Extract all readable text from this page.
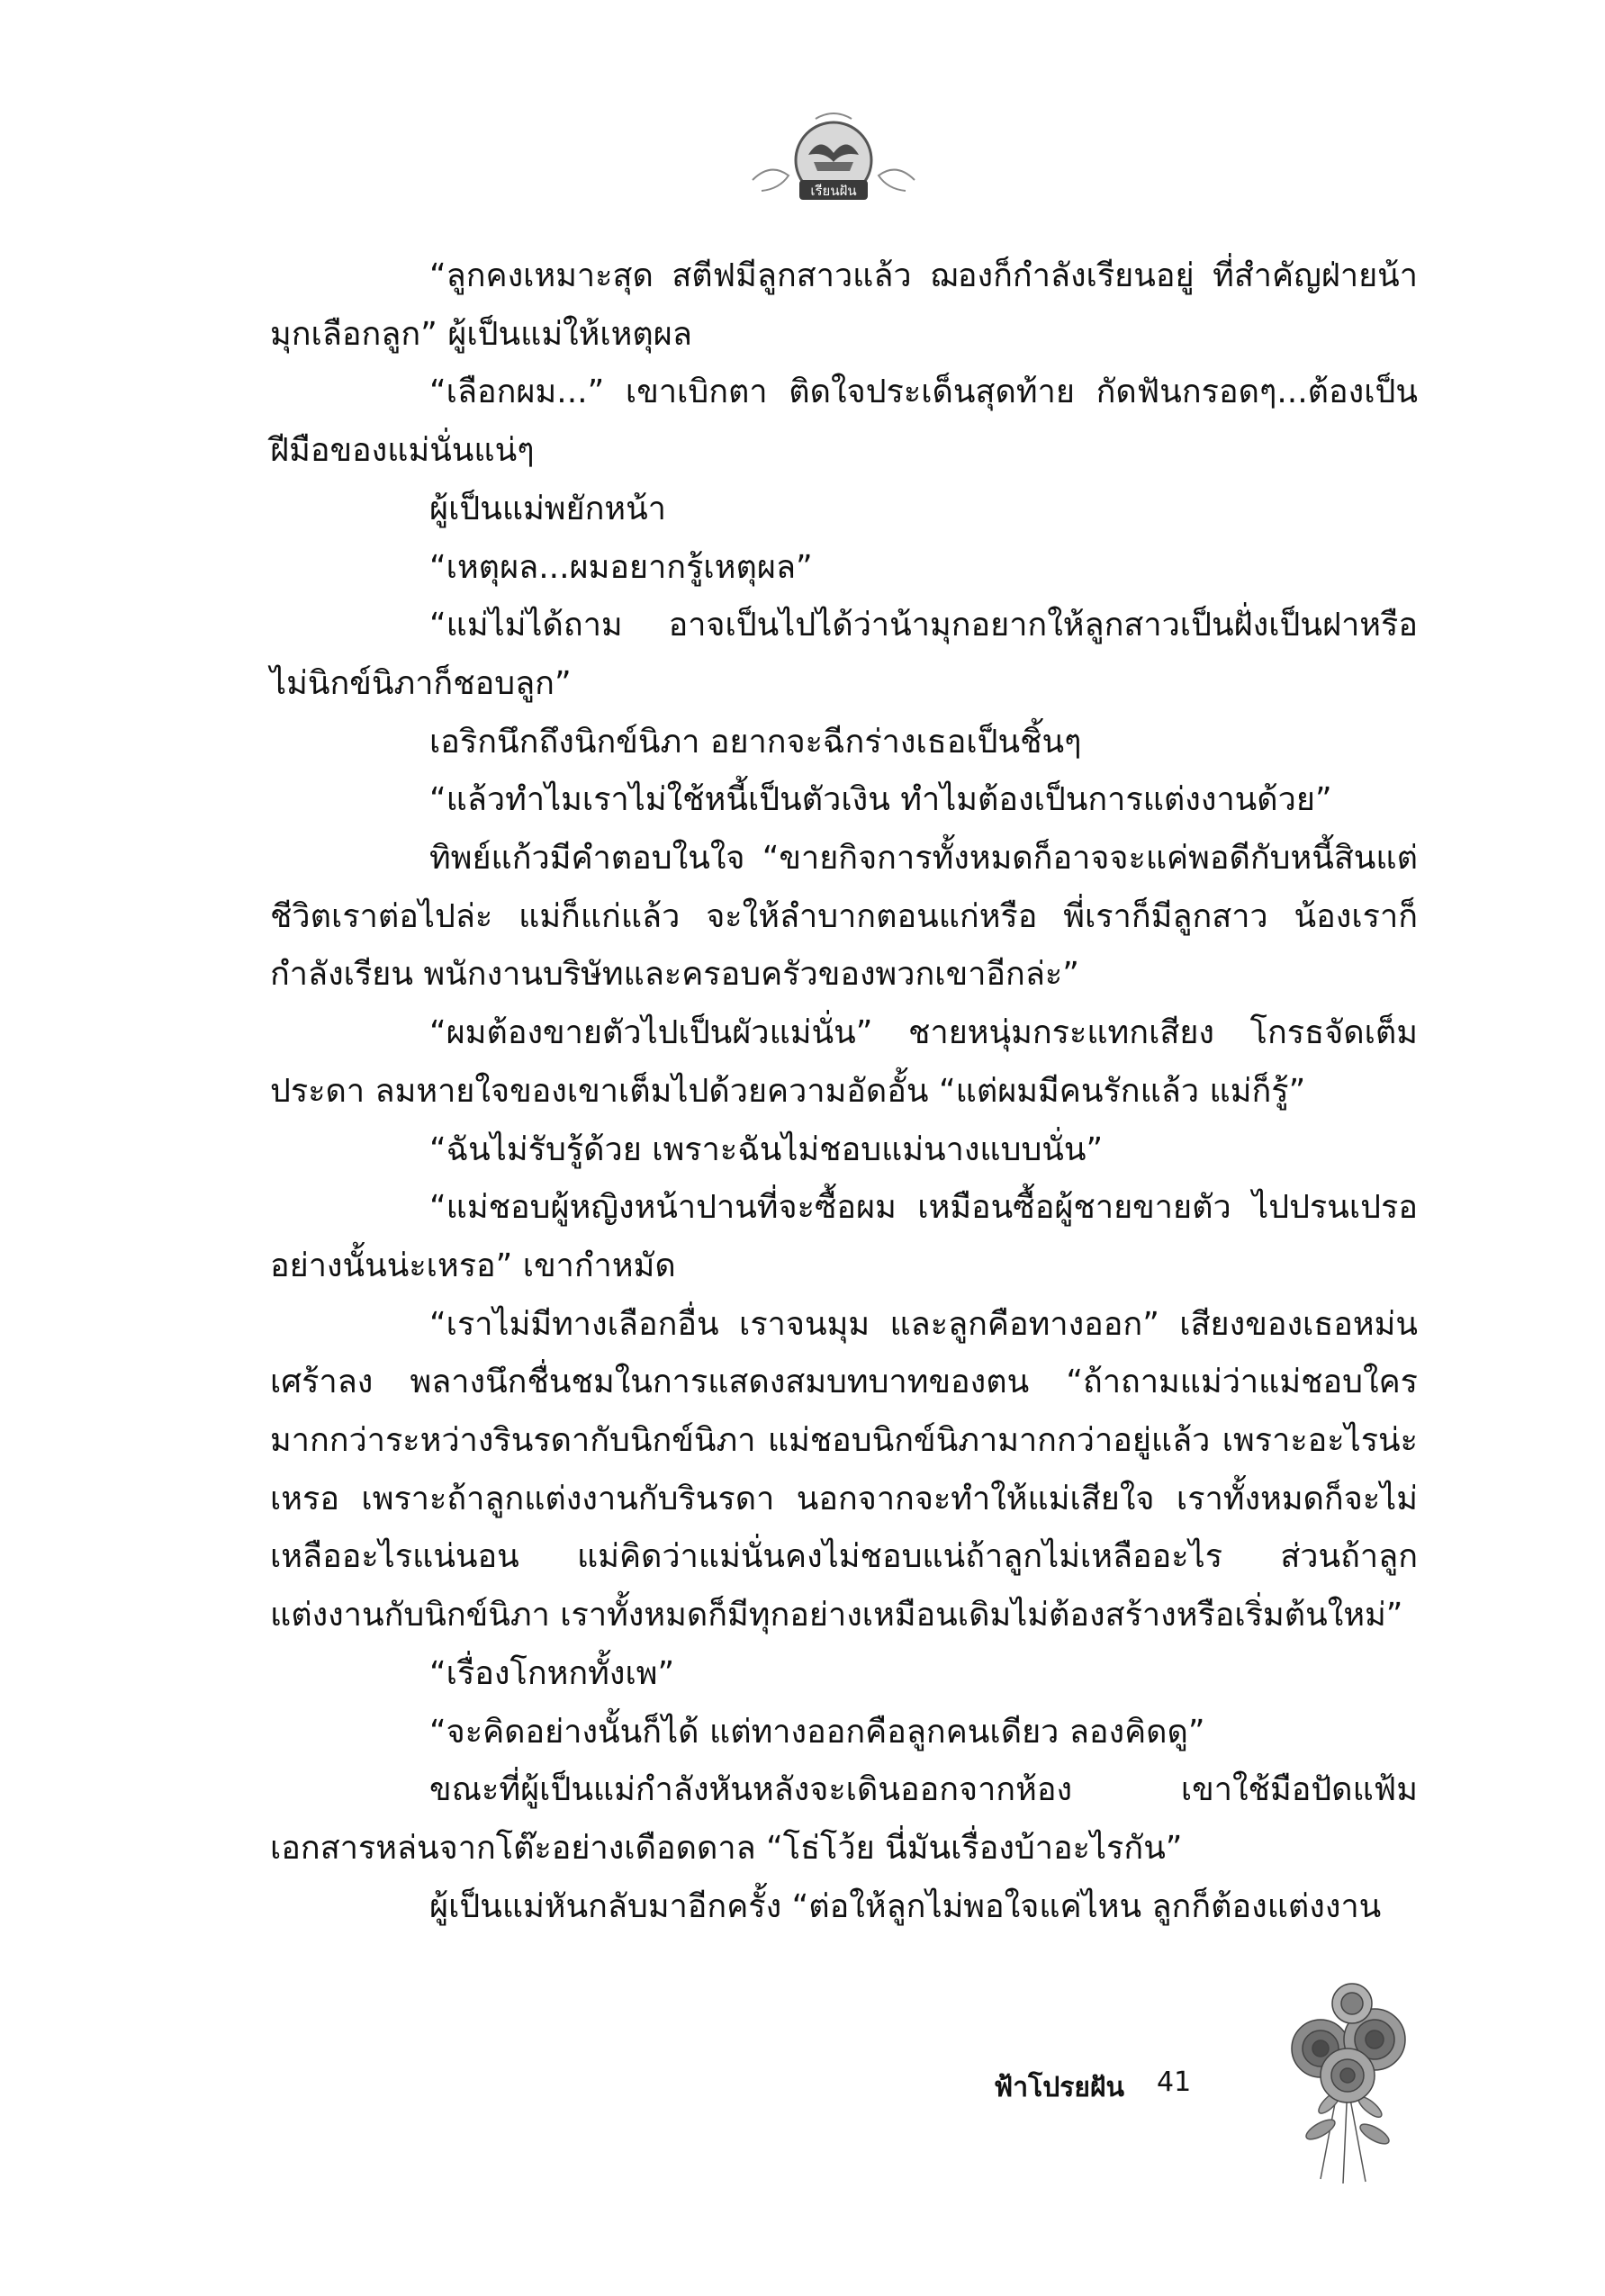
เรียนฝัน

“ลูกคงเหมาะสุด สตีฟมีลูกสาวแล้ว ฌองก็กำลังเรียนอยู่ ที่สำคัญฝ่ายน้ามุกเลือกลูก” ผู้เป็นแม่ให้เหตุผล

“เลือกผม...” เขาเบิกตา ติดใจประเด็นสุดท้าย กัดฟันกรอดๆ...ต้องเป็นฝีมือของแม่นั่นแน่ๆ

ผู้เป็นแม่พยักหน้า

“เหตุผล...ผมอยากรู้เหตุผล”

“แม่ไม่ได้ถาม อาจเป็นไปได้ว่าน้ามุกอยากให้ลูกสาวเป็นฝั่งเป็นฝาหรือไม่นิกข์นิภาก็ชอบลูก”

เอริกนึกถึงนิกข์นิภา อยากจะฉีกร่างเธอเป็นชิ้นๆ

“แล้วทำไมเราไม่ใช้หนี้เป็นตัวเงิน ทำไมต้องเป็นการแต่งงานด้วย”

ทิพย์แก้วมีคำตอบในใจ “ขายกิจการทั้งหมดก็อาจจะแค่พอดีกับหนี้สินแต่ชีวิตเราต่อไปล่ะ แม่ก็แก่แล้ว จะให้ลำบากตอนแก่หรือ พี่เราก็มีลูกสาว น้องเราก็กำลังเรียน พนักงานบริษัทและครอบครัวของพวกเขาอีกล่ะ”

“ผมต้องขายตัวไปเป็นผัวแม่นั่น” ชายหนุ่มกระแทกเสียง โกรธจัดเต็มประดา ลมหายใจของเขาเต็มไปด้วยความอัดอั้น “แต่ผมมีคนรักแล้ว แม่ก็รู้”

“ฉันไม่รับรู้ด้วย เพราะฉันไม่ชอบแม่นางแบบนั่น”

“แม่ชอบผู้หญิงหน้าปานที่จะซื้อผม เหมือนซื้อผู้ชายขายตัว ไปปรนเปรออย่างนั้นน่ะเหรอ” เขากำหมัด

“เราไม่มีทางเลือกอื่น เราจนมุม และลูกคือทางออก” เสียงของเธอหม่นเศร้าลง พลางนึกชื่นชมในการแสดงสมบทบาทของตน “ถ้าถามแม่ว่าแม่ชอบใครมากกว่าระหว่างรินรดากับนิกข์นิภา แม่ชอบนิกข์นิภามากกว่าอยู่แล้ว เพราะอะไรน่ะเหรอ เพราะถ้าลูกแต่งงานกับรินรดา นอกจากจะทำให้แม่เสียใจ เราทั้งหมดก็จะไม่เหลืออะไรแน่นอน แม่คิดว่าแม่นั่นคงไม่ชอบแน่ถ้าลูกไม่เหลืออะไร ส่วนถ้าลูกแต่งงานกับนิกข์นิภา เราทั้งหมดก็มีทุกอย่างเหมือนเดิมไม่ต้องสร้างหรือเริ่มต้นใหม่”

“เรื่องโกหกทั้งเพ”

“จะคิดอย่างนั้นก็ได้ แต่ทางออกคือลูกคนเดียว ลองคิดดู”

ขณะที่ผู้เป็นแม่กำลังหันหลังจะเดินออกจากห้อง เขาใช้มือปัดแฟ้มเอกสารหล่นจากโต๊ะอย่างเดือดดาล “โธ่โว้ย นี่มันเรื่องบ้าอะไรกัน”

ผู้เป็นแม่หันกลับมาอีกครั้ง “ต่อให้ลูกไม่พอใจแค่ไหน ลูกก็ต้องแต่งงาน

ฟ้าโปรยฝัน 41
